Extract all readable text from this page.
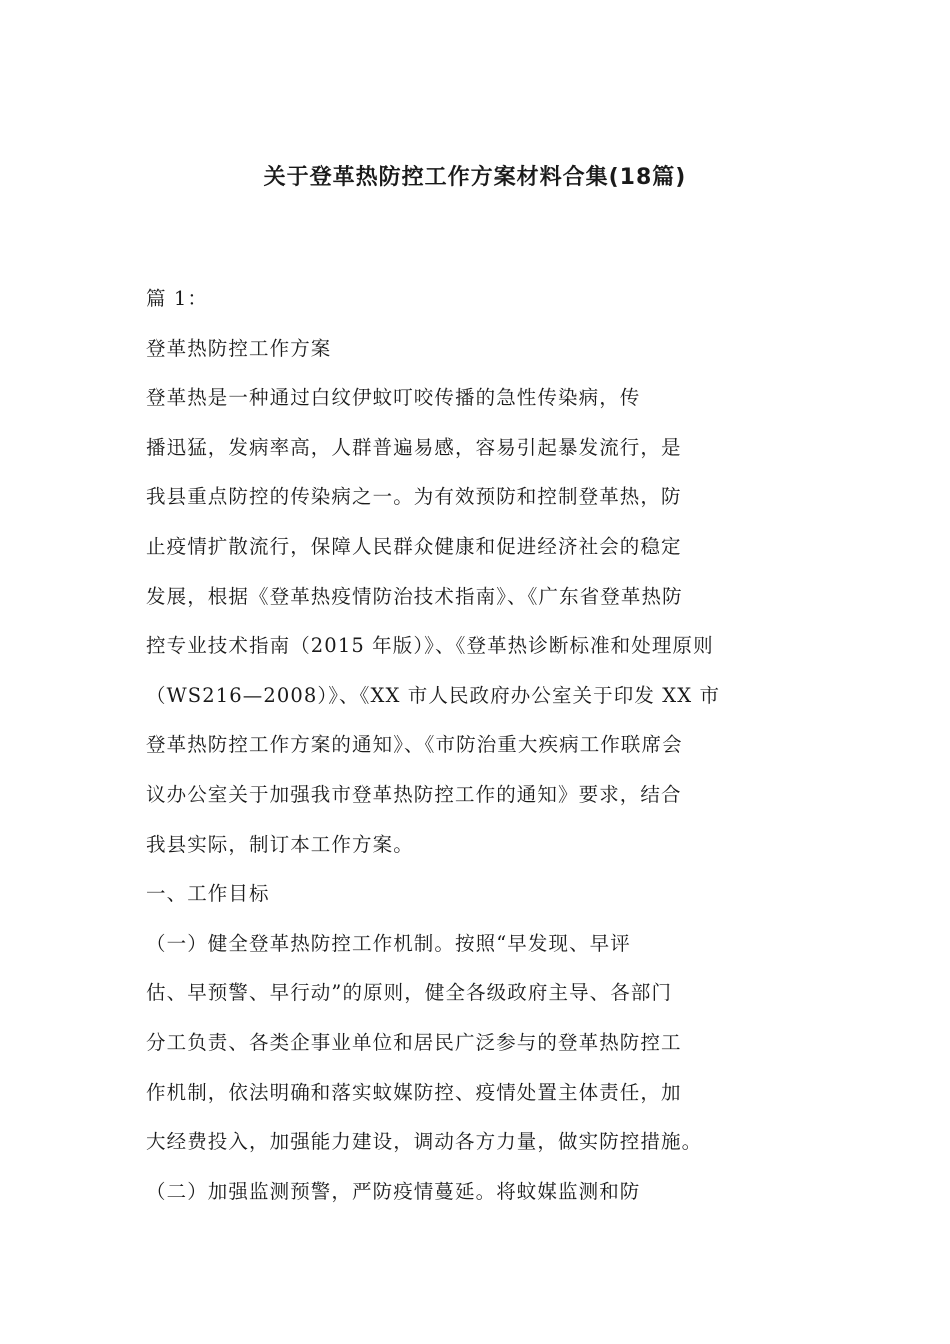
关于登革热防控工作方案材料合集(18篇)
篇 1：
登革热防控工作方案
登革热是一种通过白纹伊蚊叮咬传播的急性传染病，传
播迅猛，发病率高，人群普遍易感，容易引起暴发流行，是
我县重点防控的传染病之一。为有效预防和控制登革热，防
止疫情扩散流行，保障人民群众健康和促进经济社会的稳定
发展，根据《登革热疫情防治技术指南》、《广东省登革热防
控专业技术指南（2015 年版）》、《登革热诊断标准和处理原则
（WS216—2008）》、《XX 市人民政府办公室关于印发 XX 市
登革热防控工作方案的通知》、《市防治重大疾病工作联席会
议办公室关于加强我市登革热防控工作的通知》要求，结合
我县实际，制订本工作方案。
一、工作目标
（一）健全登革热防控工作机制。按照“早发现、早评
估、早预警、早行动”的原则，健全各级政府主导、各部门
分工负责、各类企事业单位和居民广泛参与的登革热防控工
作机制，依法明确和落实蚊媒防控、疫情处置主体责任，加
大经费投入，加强能力建设，调动各方力量，做实防控措施。
（二）加强监测预警，严防疫情蔓延。将蚊媒监测和防
